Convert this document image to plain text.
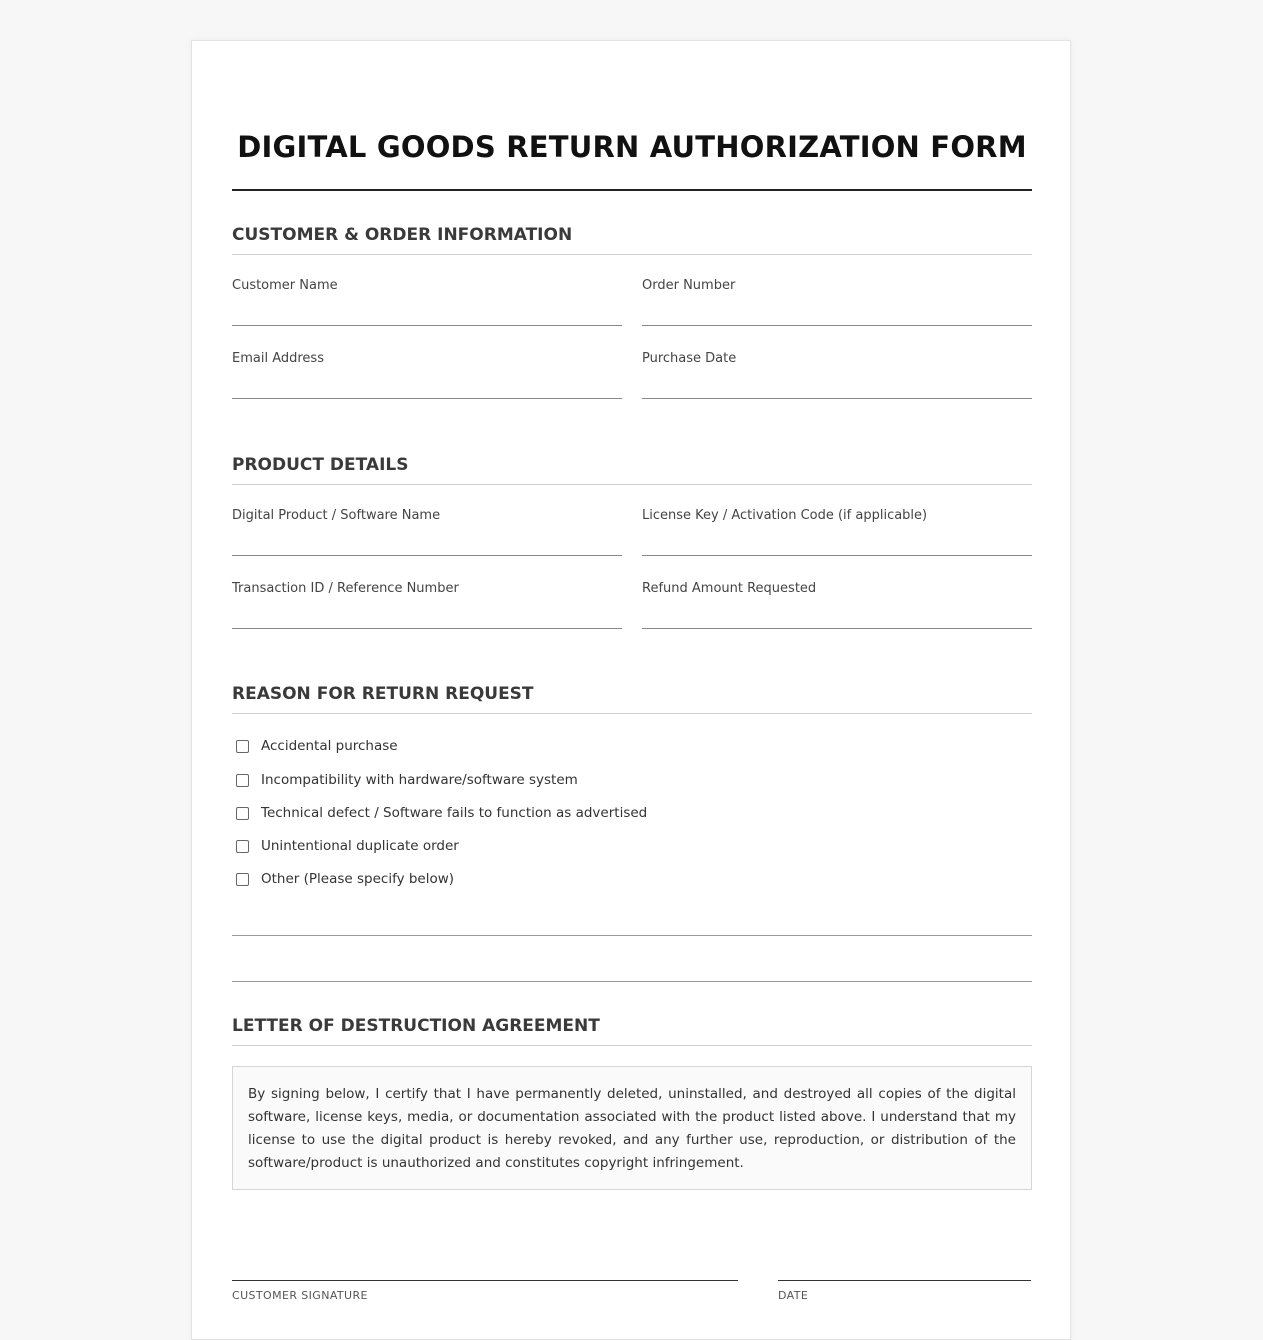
DIGITAL GOODS RETURN AUTHORIZATION FORM
CUSTOMER & ORDER INFORMATION
Customer Name	Order Number
Email Address	Purchase Date
PRODUCT DETAILS
Digital Product / Software Name	License Key / Activation Code (if applicable)
Transaction ID / Reference Number	Refund Amount Requested
REASON FOR RETURN REQUEST
Accidental purchase
Incompatibility with hardware/software system
Technical defect / Software fails to function as advertised
Unintentional duplicate order
Other (Please specify below)
LETTER OF DESTRUCTION AGREEMENT
By signing below, I certify that I have permanently deleted, uninstalled, and destroyed all copies of the digital software, license keys, media, or documentation associated with the product listed above. I understand that my license to use the digital product is hereby revoked, and any further use, reproduction, or distribution of the software/product is unauthorized and constitutes copyright infringement.
CUSTOMER SIGNATURE	DATE
